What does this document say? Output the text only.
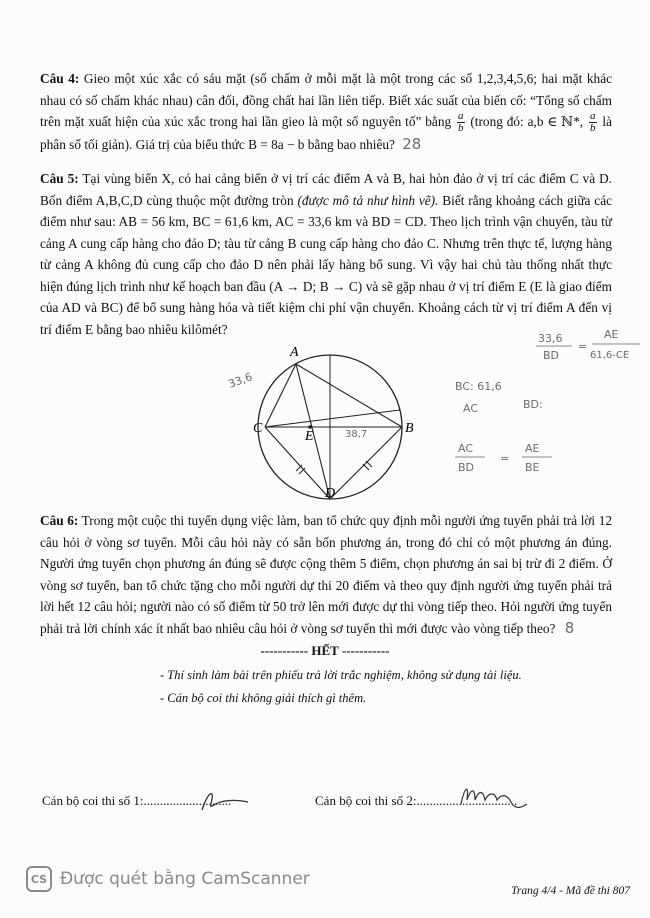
Câu 4: Gieo một xúc xắc có sáu mặt (số chấm ở mỗi mặt là một trong các số 1,2,3,4,5,6; hai mặt khác nhau có số chấm khác nhau) cân đối, đồng chất hai lần liên tiếp. Biết xác suất của biến cố: “Tổng số chấm trên mặt xuất hiện của xúc xắc trong hai lần gieo là một số nguyên tố” bằng $\frac{a}{b}$ (trong đó: a,b ∈ ℕ*, $\frac{a}{b}$ là phân số tối giản). Giá trị của biểu thức B = 8a − b bằng bao nhiêu? 28
Câu 5: Tại vùng biển X, có hai cảng biển ở vị trí các điểm A và B, hai hòn đảo ở vị trí các điểm C và D. Bốn điểm A,B,C,D cùng thuộc một đường tròn (được mô tả như hình vẽ). Biết rằng khoảng cách giữa các điểm như sau: AB = 56 km, BC = 61,6 km, AC = 33,6 km và BD = CD. Theo lịch trình vận chuyển, tàu từ cảng A cung cấp hàng cho đảo D; tàu từ cảng B cung cấp hàng cho đảo C. Nhưng trên thực tế, lượng hàng từ cảng A không đủ cung cấp cho đảo D nên phải lấy hàng bổ sung. Vì vậy hai chủ tàu thống nhất thực hiện đúng lịch trình như kế hoạch ban đầu (A → D; B → C) và sẽ gặp nhau ở vị trí điểm E (E là giao điểm của AD và BC) để bổ sung hàng hóa và tiết kiệm chi phí vận chuyển. Khoảng cách từ vị trí điểm A đến vị trí điểm E bằng bao nhiêu kilômét?
A
B
C
D
E
33,6
38,7
33,6
BD
=
AE
61,6-CE
BC: 61,6
AC	BD:
AC
BD
=
AE
BE
Câu 6: Trong một cuộc thi tuyển dụng việc làm, ban tổ chức quy định mỗi người ứng tuyển phải trả lời 12 câu hỏi ở vòng sơ tuyển. Mỗi câu hỏi này có sẵn bốn phương án, trong đó chỉ có một phương án đúng. Người ứng tuyển chọn phương án đúng sẽ được cộng thêm 5 điểm, chọn phương án sai bị trừ đi 2 điểm. Ở vòng sơ tuyển, ban tổ chức tặng cho mỗi người dự thi 20 điểm và theo quy định người ứng tuyển phải trả lời hết 12 câu hỏi; người nào có số điểm từ 50 trở lên mới được dự thi vòng tiếp theo. Hỏi người ứng tuyển phải trả lời chính xác ít nhất bao nhiêu câu hỏi ở vòng sơ tuyển thì mới được vào vòng tiếp theo? 8
----------- HẾT -----------
- Thí sinh làm bài trên phiếu trả lời trắc nghiệm, không sử dụng tài liệu.
- Cán bộ coi thi không giải thích gì thêm.
Cán bộ coi thi số 1:...........................	Cán bộ coi thi số 2:...............................
CS Được quét bằng CamScanner
Trang 4/4 - Mã đề thi 807
